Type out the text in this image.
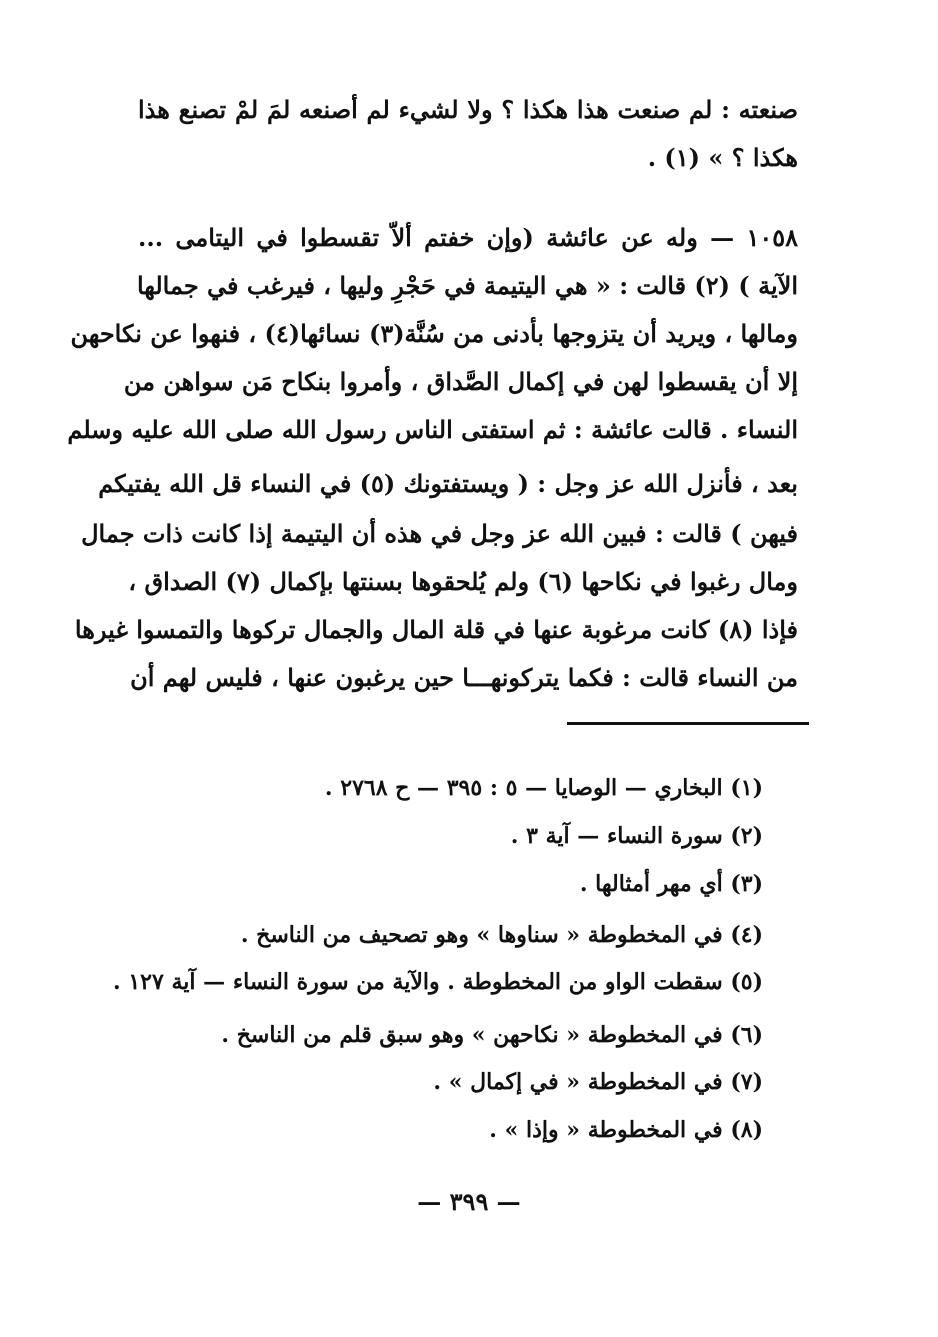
صنعته : لم صنعت هذا هكذا ؟ ولا لشيء لم أصنعه لمَ لمْ تصنع هذا
هكذا ؟ » (١) .
١٠٥٨ — وله عن عائشة (وإن خفتم ألاّ تقسطوا في اليتامى ...
الآية ) (٢) قالت : « هي اليتيمة في حَجْرِ وليها ، فيرغب في جمالها
ومالها ، ويريد أن يتزوجها بأدنى من سُنَّة(٣) نسائها(٤) ، فنهوا عن نكاحهن
إلا أن يقسطوا لهن في إكمال الصَّداق ، وأمروا بنكاح مَن سواهن من
النساء . قالت عائشة : ثم استفتى الناس رسول الله صلى الله عليه وسلم
بعد ، فأنزل الله عز وجل : ( ويستفتونك (٥) في النساء قل الله يفتيكم
فيهن ) قالت : فبين الله عز وجل في هذه أن اليتيمة إذا كانت ذات جمال
ومال رغبوا في نكاحها (٦) ولم يُلحقوها بسنتها بإكمال (٧) الصداق ،
فإذا (٨) كانت مرغوبة عنها في قلة المال والجمال تركوها والتمسوا غيرها
من النساء قالت : فكما يتركونهـــا حين يرغبون عنها ، فليس لهم أن
(١) البخاري — الوصايا — ٥ : ٣٩٥ — ح ٢٧٦٨ .
(٢) سورة النساء — آية ٣ .
(٣) أي مهر أمثالها .
(٤) في المخطوطة « سناوها » وهو تصحيف من الناسخ .
(٥) سقطت الواو من المخطوطة . والآية من سورة النساء — آية ١٢٧ .
(٦) في المخطوطة « نكاحهن » وهو سبق قلم من الناسخ .
(٧) في المخطوطة « في إكمال » .
(٨) في المخطوطة « وإذا » .
— ٣٩٩ —
